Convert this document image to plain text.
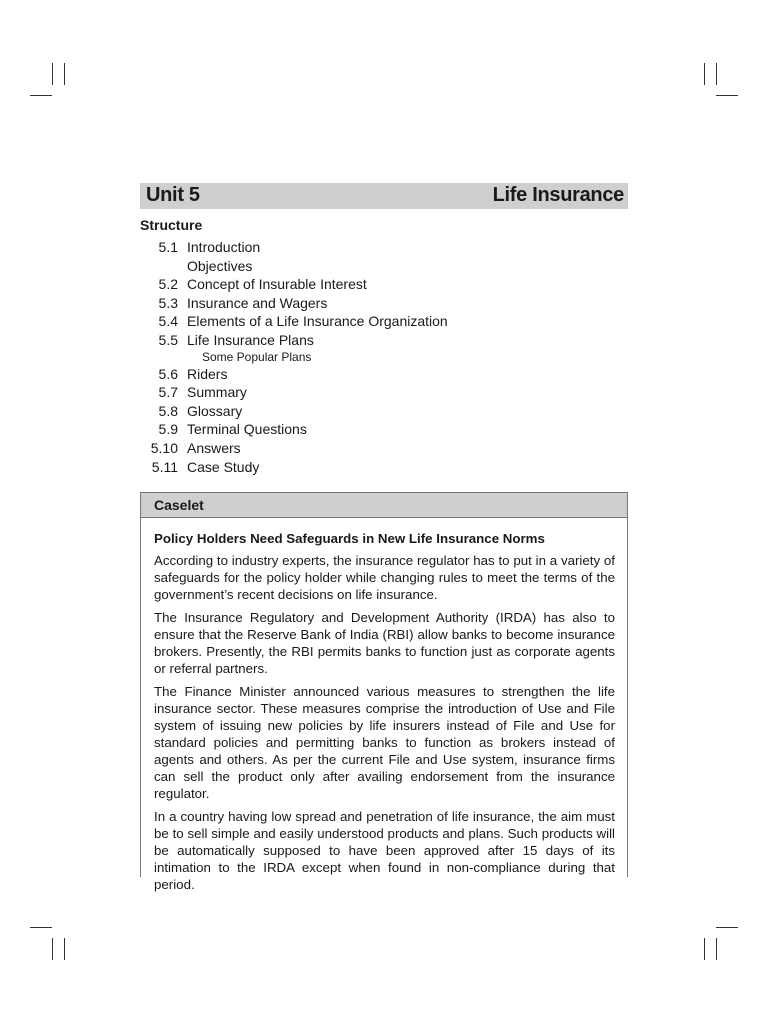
Unit 5	Life Insurance
Structure
5.1 Introduction
Objectives
5.2 Concept of Insurable Interest
5.3 Insurance and Wagers
5.4 Elements of a Life Insurance Organization
5.5 Life Insurance Plans
Some Popular Plans
5.6 Riders
5.7 Summary
5.8 Glossary
5.9 Terminal Questions
5.10 Answers
5.11 Case Study
Caselet
Policy Holders Need Safeguards in New Life Insurance Norms

According to industry experts, the insurance regulator has to put in a variety of safeguards for the policy holder while changing rules to meet the terms of the government’s recent decisions on life insurance.

The Insurance Regulatory and Development Authority (IRDA) has also to ensure that the Reserve Bank of India (RBI) allow banks to become insurance brokers. Presently, the RBI permits banks to function just as corporate agents or referral partners.

The Finance Minister announced various measures to strengthen the life insurance sector. These measures comprise the introduction of Use and File system of issuing new policies by life insurers instead of File and Use for standard policies and permitting banks to function as brokers instead of agents and others. As per the current File and Use system, insurance firms can sell the product only after availing endorsement from the insurance regulator.

In a country having low spread and penetration of life insurance, the aim must be to sell simple and easily understood products and plans. Such products will be automatically supposed to have been approved after 15 days of its intimation to the IRDA except when found in non-compliance during that period.
